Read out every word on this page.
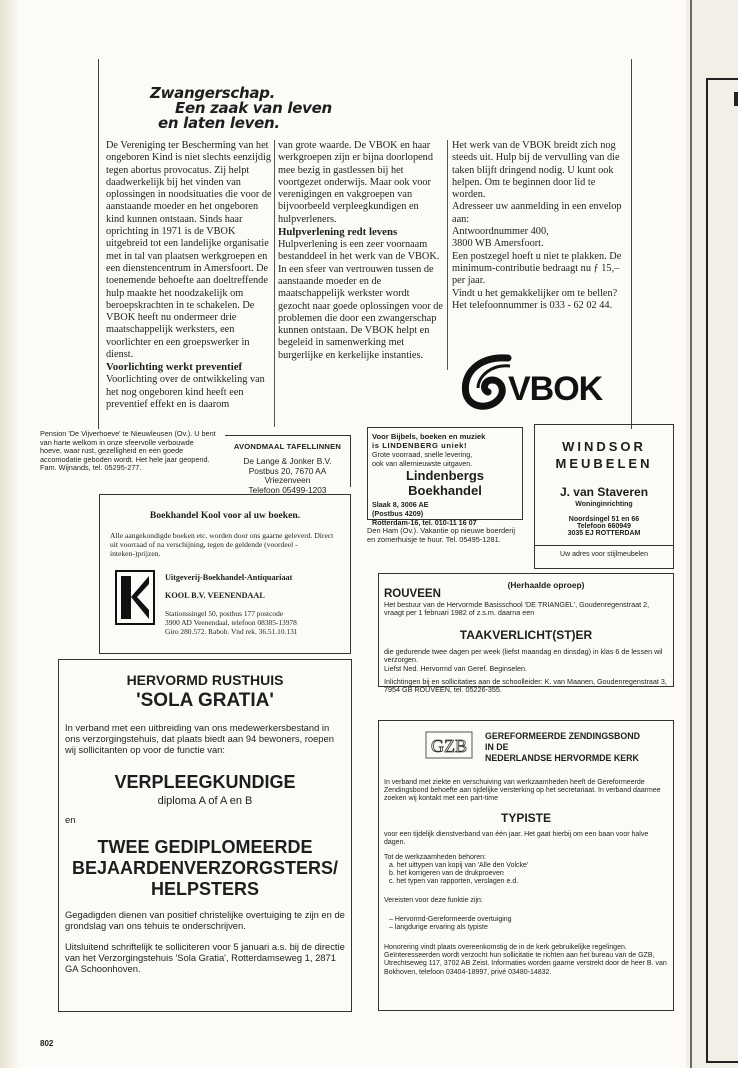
Zwangerschap.
Een zaak van leven
en laten leven.

De Vereniging ter Bescherming van het ongeboren Kind is niet slechts eenzijdig tegen abortus provocatus. Zij helpt daadwerkelijk bij het vinden van oplossingen in noodsituaties die voor de aanstaande moeder en het ongeboren kind kunnen ontstaan. Sinds haar oprichting in 1971 is de VBOK uitgebreid tot een landelijke organisatie met in tal van plaatsen werkgroepen en een dienstencentrum in Amersfoort. De toenemende behoefte aan doeltreffende hulp maakte het noodzakelijk om beroepskrachten in te schakelen. De VBOK heeft nu ondermeer drie maatschappelijk werksters, een voorlichter en een groepswerker in dienst.

Voorlichting werkt preventief

Voorlichting over de ontwikkeling van het nog ongeboren kind heeft een preventief effekt en is daarom

van grote waarde. De VBOK en haar werkgroepen zijn er bijna doorlopend mee bezig in gastlessen bij het voortgezet onderwijs. Maar ook voor verenigingen en vakgroepen van bijvoorbeeld verpleegkundigen en hulpverleners.

Hulpverlening redt levens

Hulpverlening is een zeer voornaam bestanddeel in het werk van de VBOK. In een sfeer van vertrouwen tussen de aanstaande moeder en de maatschappelijk werkster wordt gezocht naar goede oplossingen voor de problemen die door een zwangerschap kunnen ontstaan. De VBOK helpt en begeleid in samenwerking met burgerlijke en kerkelijke instanties.

Het werk van de VBOK breidt zich nog steeds uit. Hulp bij de vervulling van die taken blijft dringend nodig. U kunt ook helpen. Om te beginnen door lid te worden.

Adresseer uw aanmelding in een envelop aan:

Antwoordnummer 400,

3800 WB Amersfoort.

Een postzegel hoeft u niet te plakken. De minimum-contributie bedraagt nu ƒ 15,– per jaar.

Vindt u het gemakkelijker om te bellen? Het telefoonnummer is 033 - 62 02 44.

VBOK
Pension 'De Vijverhoeve' te Nieuwleusen (Ov.). U bent van harte welkom in onze sfeervolle verbouwde hoeve, waar rust, gezelligheid en een goede accomodatie geboden wordt. Het hele jaar geopend. Fam. Wijnands, tel. 05295-277.
AVONDMAAL TAFELLINNEN
De Lange & Jonker B.V.
Postbus 20, 7670 AA Vriezenveen
Telefoon 05499-1203
Boekhandel Kool voor al uw boeken.
Alle aangekondigde boeken etc. worden door ons gaarne geleverd. Direct uit voorraad of na verschijning, tegen de geldende (voordeel - inteken-)prijzen.
Uitgeverij-Boekhandel-Antiquariaat
KOOL B.V. VEENENDAAL
Stationssingel 50, postbus 177 postcode
3900 AD Veenendaal, telefoon 08385-13978
Giro 280.572. Rabob. Vnd rek. 36.51.10.131
HERVORMD RUSTHUIS
'SOLA GRATIA'
In verband met een uitbreiding van ons medewerkersbestand in ons verzorgingstehuis, dat plaats biedt aan 94 bewoners, roepen wij sollicitanten op voor de functie van:
VERPLEEGKUNDIGE
diploma A of A en B
en
TWEE GEDIPLOMEERDE
BEJAARDENVERZORGSTERS/
HELPSTERS
Gegadigden dienen van positief christelijke overtuiging te zijn en de grondslag van ons tehuis te onderschrijven.
Uitsluitend schriftelijk te solliciteren voor 5 januari a.s. bij de directie van het Verzorgingstehuis 'Sola Gratia', Rotterdamseweg 1, 2871 GA Schoonhoven.
802
Voor Bijbels, boeken en muziek
is LINDENBERG uniek!
Grote voorraad, snelle levering,
ook van allernieuwste uitgaven.
Lindenbergs
Boekhandel
Slaak 8, 3006 AE
(Postbus 4209)
Rotterdam-16, tel. 010-11 16 07
Den Ham (Ov.). Vakantie op nieuwe boerderij en zomerhuisje te huur. Tel. 05495-1281.
WINDSOR
MEUBELEN
J. van Staveren
Woninginrichting
Noordsingel 51 en 66
Telefoon 660949
3035 EJ ROTTERDAM
Uw adres voor stijlmeubelen
(Herhaalde oproep)
ROUVEEN
Het bestuur van de Hervormde Basisschool 'DE TRIANGEL', Goudenregenstraat 2, vraagt per 1 februari 1982 of z.s.m. daarna een
TAAKVERLICHT(ST)ER
die gedurende twee dagen per week (liefst maandag en dinsdag) in klas 6 de lessen wil verzorgen.
Liefst Ned. Hervormd van Geref. Beginselen.
Inlichtingen bij en sollicitaties aan de schoolleider: K. van Maanen, Goudenregenstraat 3, 7954 GB ROUVEEN, tel. 05226-355.
GZB GEREFORMEERDE ZENDINGSBOND
IN DE
NEDERLANDSE HERVORMDE KERK
In verband met ziekte en verschuiving van werkzaamheden heeft de Gereformeerde Zendingsbond behoefte aan tijdelijke versterking op het secretariaat. In verband daarmee zoeken wij kontakt met een part-time
TYPISTE
voor een tijdelijk dienstverband van één jaar. Het gaat hierbij om een baan voor halve dagen.
Tot de werkzaamheden behoren:
a. het uittypen van kopij van 'Alle den Volcke'
b. het korrigeren van de drukproeven
c. het typen van rapporten, verslagen e.d.
Vereisten voor deze funktie zijn:
– Hervormd-Gereformeerde overtuiging
– langdurige ervaring als typiste
Honorering vindt plaats overeenkomstig de in de kerk gebruikelijke regelingen. Geïnteresseerden wordt verzocht hun sollicitatie te richten aan het bureau van de GZB, Utrechtseweg 117, 3702 AB Zeist. Informaties worden gaarne verstrekt door de heer B. van Bokhoven, telefoon 03404-18997, privé 03480-14832.
